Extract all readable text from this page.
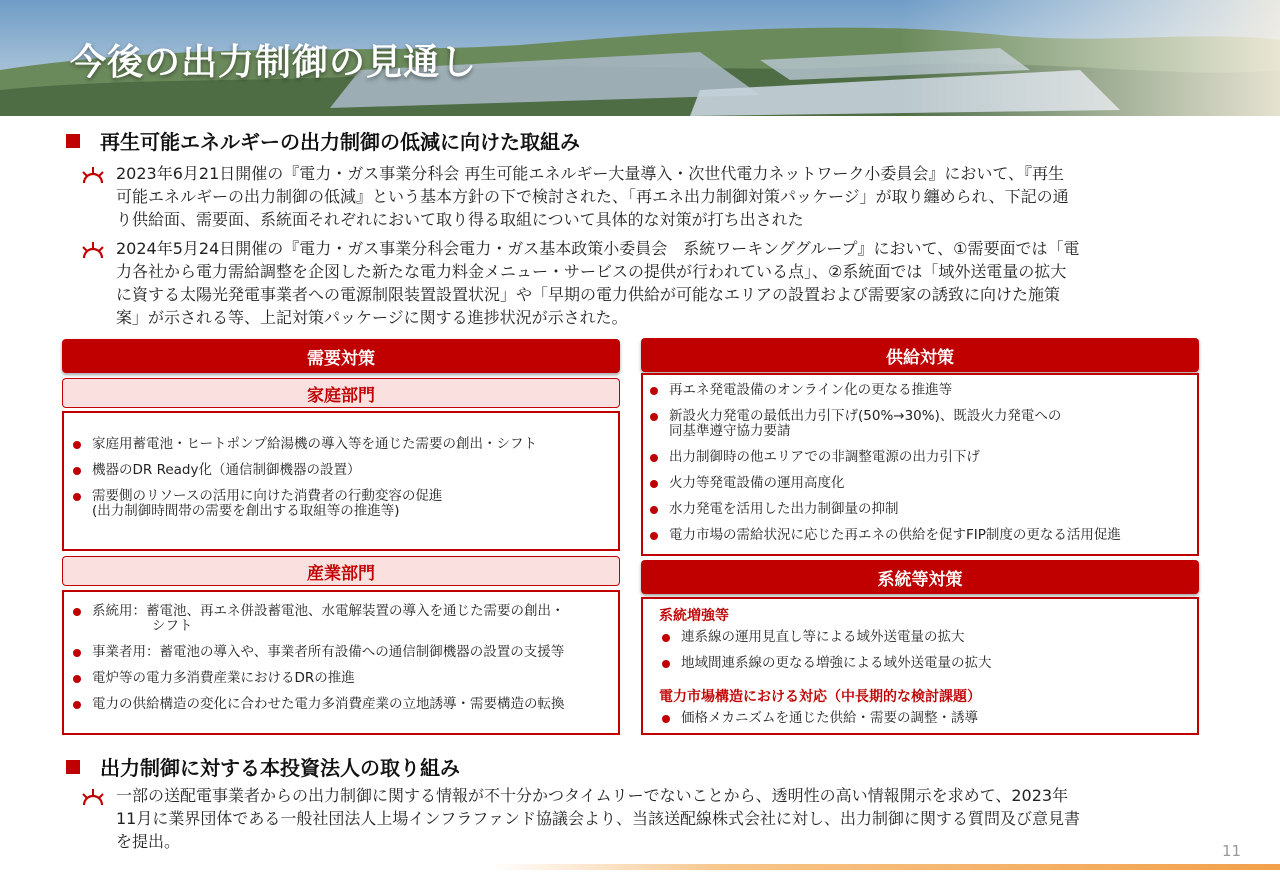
今後の出力制御の見通し
再生可能エネルギーの出力制御の低減に向けた取組み
2023年6月21日開催の『電力・ガス事業分科会 再生可能エネルギー大量導入・次世代電力ネットワーク小委員会』において、『再生
可能エネルギーの出力制御の低減』という基本方針の下で検討された、「再エネ出力制御対策パッケージ」が取り纏められ、下記の通
り供給面、需要面、系統面それぞれにおいて取り得る取組について具体的な対策が打ち出された
2024年5月24日開催の『電力・ガス事業分科会電力・ガス基本政策小委員会　系統ワーキンググループ』において、①需要面では「電
力各社から電力需給調整を企図した新たな電力料金メニュー・サービスの提供が行われている点」、②系統面では「域外送電量の拡大
に資する太陽光発電事業者への電源制限装置設置状況」や「早期の電力供給が可能なエリアの設置および需要家の誘致に向けた施策
案」が示される等、上記対策パッケージに関する進捗状況が示された。
需要対策
家庭部門
家庭用蓄電池・ヒートポンプ給湯機の導入等を通じた需要の創出・シフト
機器のDR Ready化（通信制御機器の設置）
需要側のリソースの活用に向けた消費者の行動変容の促進
(出力制御時間帯の需要を創出する取組等の推進等)
産業部門
系統用：蓄電池、再エネ併設蓄電池、水電解装置の導入を通じた需要の創出・
シフト
事業者用：蓄電池の導入や、事業者所有設備への通信制御機器の設置の支援等
電炉等の電力多消費産業におけるDRの推進
電力の供給構造の変化に合わせた電力多消費産業の立地誘導・需要構造の転換
供給対策
再エネ発電設備のオンライン化の更なる推進等
新設火力発電の最低出力引下げ(50%→30%)、既設火力発電への
同基準遵守協力要請
出力制御時の他エリアでの非調整電源の出力引下げ
火力等発電設備の運用高度化
水力発電を活用した出力制御量の抑制
電力市場の需給状況に応じた再エネの供給を促すFIP制度の更なる活用促進
系統等対策
系統増強等
連系線の運用見直し等による域外送電量の拡大
地域間連系線の更なる増強による域外送電量の拡大
電力市場構造における対応（中長期的な検討課題）
価格メカニズムを通じた供給・需要の調整・誘導
出力制御に対する本投資法人の取り組み
一部の送配電事業者からの出力制御に関する情報が不十分かつタイムリーでないことから、透明性の高い情報開示を求めて、2023年
11月に業界団体である一般社団法人上場インフラファンド協議会より、当該送配線株式会社に対し、出力制御に関する質問及び意見書
を提出。	11
